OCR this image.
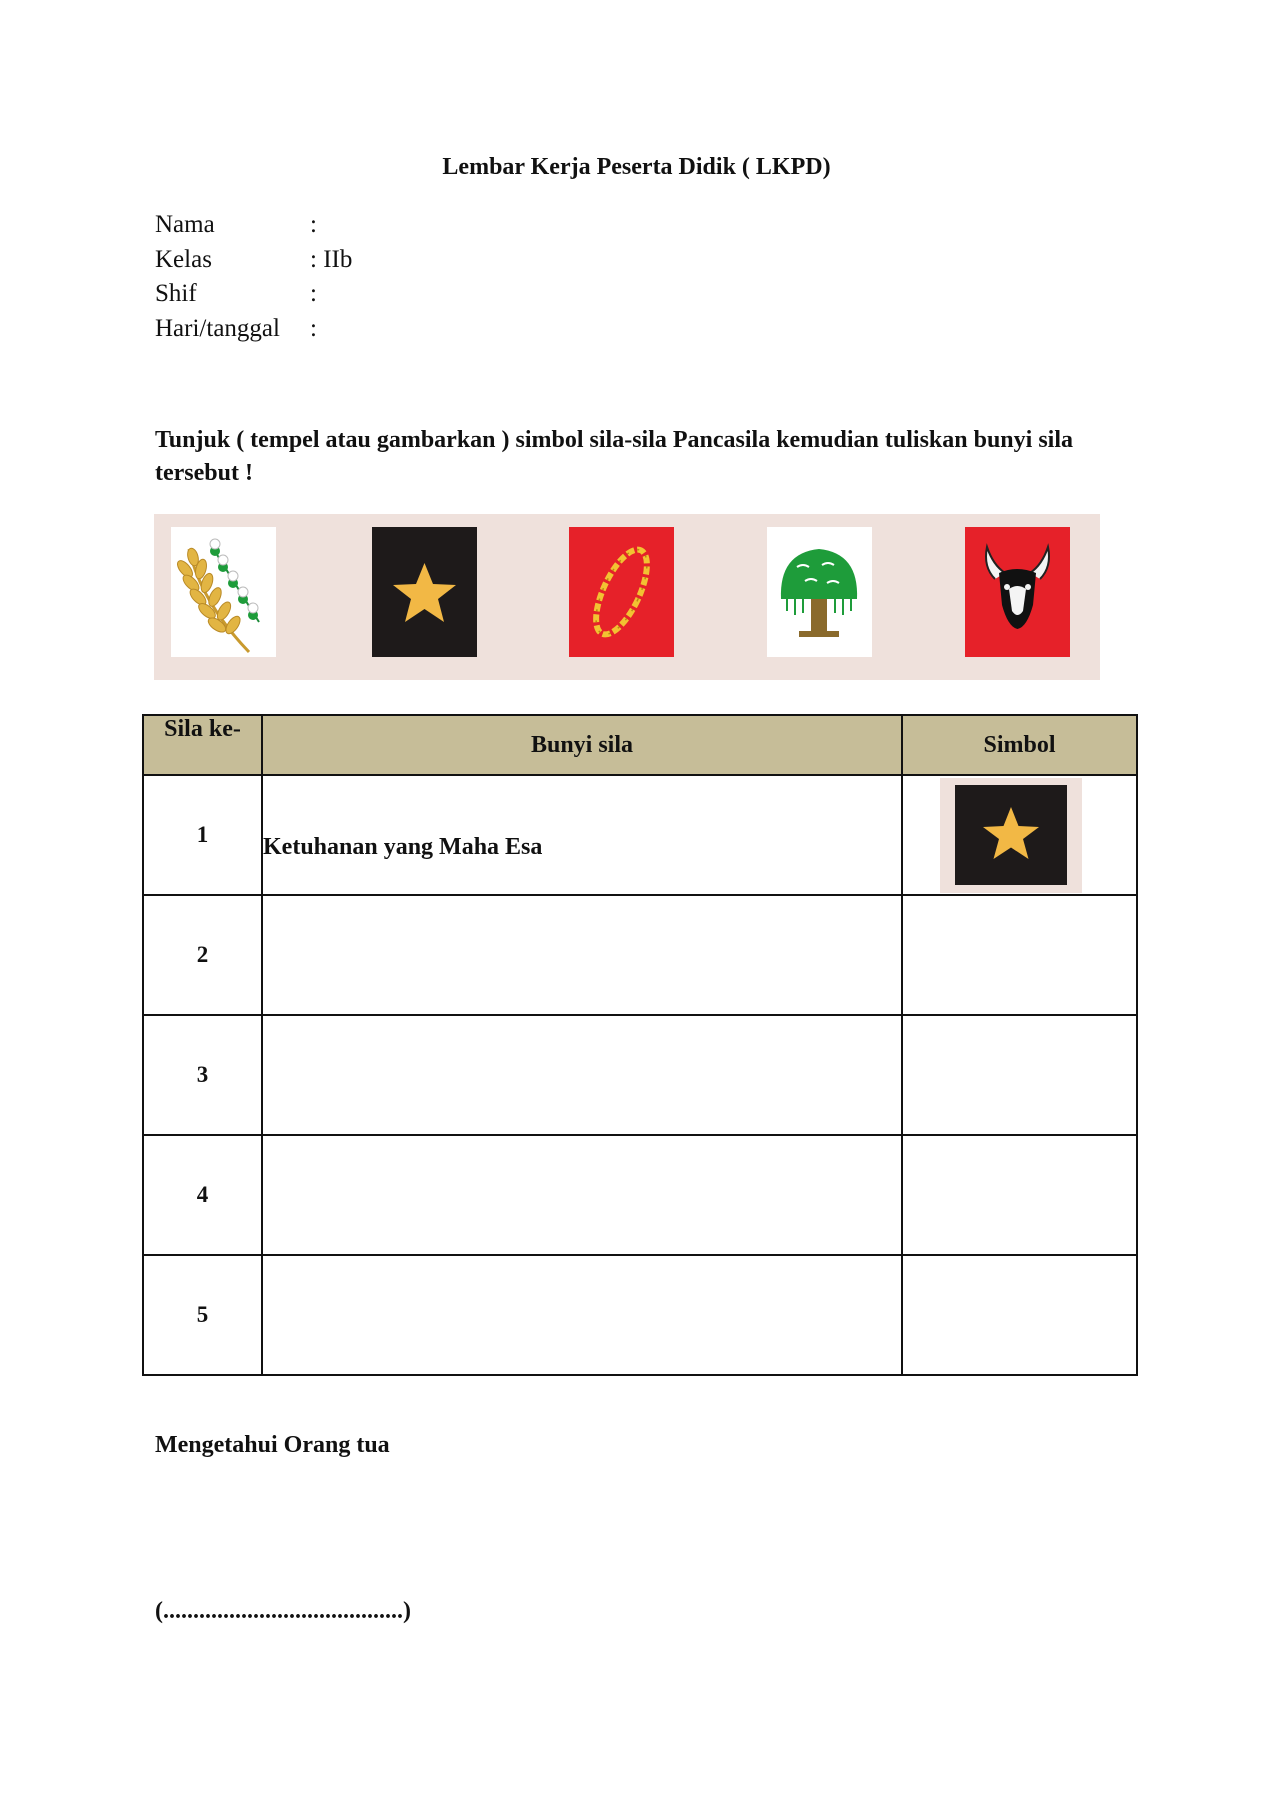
Lembar Kerja Peserta Didik ( LKPD)
Nama	:
Kelas	: IIb
Shif	:
Hari/tanggal :
Tunjuk ( tempel atau gambarkan ) simbol sila-sila Pancasila kemudian tuliskan bunyi sila tersebut !
Sila ke-	Bunyi sila	Simbol
1	Ketuhanan yang Maha Esa

2	

3	

4	

5	

Mengetahui Orang tua
(........................................)
